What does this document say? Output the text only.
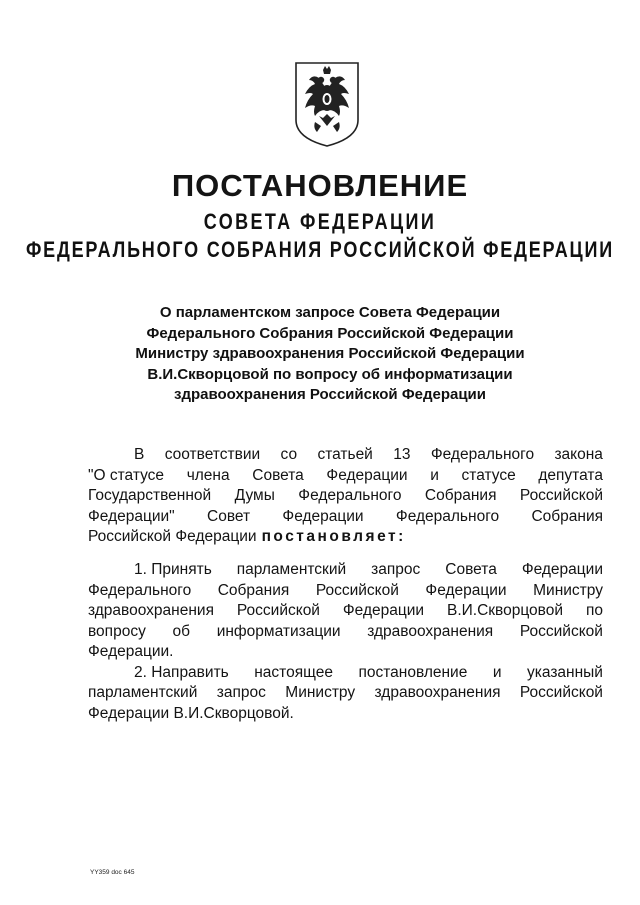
ПОСТАНОВЛЕНИЕ
СОВЕТА ФЕДЕРАЦИИ
ФЕДЕРАЛЬНОГО СОБРАНИЯ РОССИЙСКОЙ ФЕДЕРАЦИИ
О парламентском запросе Совета Федерации
Федерального Собрания Российской Федерации
Министру здравоохранения Российской Федерации
В.И.Скворцовой по вопросу об информатизации
здравоохранения Российской Федерации
В соответствии со статьей 13 Федерального закона
"О статусе члена Совета Федерации и статусе депутата
Государственной Думы Федерального Собрания Российской
Федерации" Совет Федерации Федерального Собрания
Российской Федерации постановляет:
1. Принять парламентский запрос Совета Федерации
Федерального Собрания Российской Федерации Министру
здравоохранения Российской Федерации В.И.Скворцовой по
вопросу об информатизации здравоохранения Российской
Федерации.
2. Направить настоящее постановление и указанный
парламентский запрос Министру здравоохранения Российской
Федерации В.И.Скворцовой.
YY359 doc 645
